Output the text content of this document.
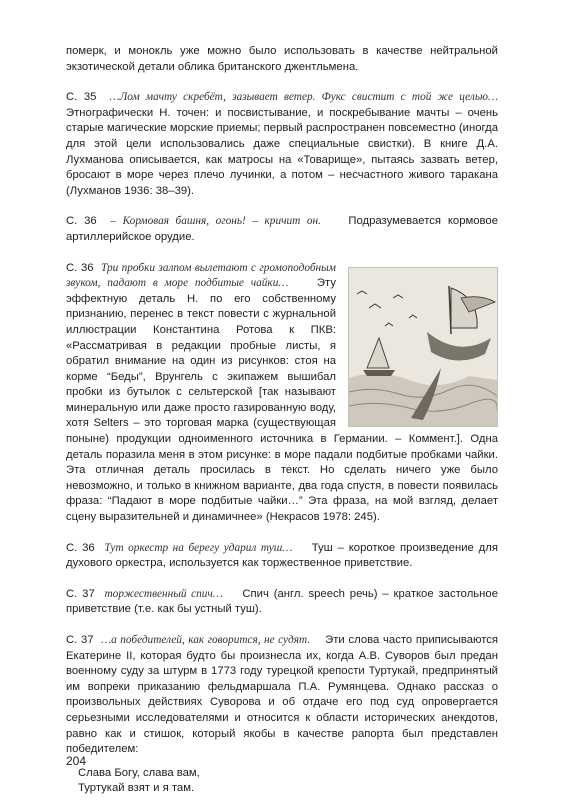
померк, и монокль уже можно было использовать в качестве нейтральной экзотической детали облика британского джентльмена.

С. 35 …Лом мачту скребёт, зазывает ветер. Фукс свистит с той же целью… Этнографически Н. точен: и посвистывание, и поскребывание мачты – очень старые магические морские приемы; первый распространен повсеместно (иногда для этой цели использовались даже специальные свистки). В книге Д.А. Лухманова описывается, как матросы на «Товарище», пытаясь зазвать ветер, бросают в море через плечо лучинки, а потом – несчастного живого таракана (Лухманов 1936: 38–39).

С. 36 – Кормовая башня, огонь! – кричит он. Подразумевается кормовое артиллерийское орудие.

С. 36 Три пробки залпом вылетают с громоподобным звуком, падают в море подбитые чайки…	Эту эффектную деталь Н. по его собственному признанию, перенес в текст повести с журнальной иллюстрации Константина Ротова к ПКВ: «Рассматривая в редакции пробные листы, я обратил внимание на один из рисунков: стоя на корме “Беды”, Врунгель с экипажем вышибал пробки из бутылок с сельтерской [так называют минеральную или даже просто газированную воду, хотя Selters – это торговая марка (существующая поныне) продукции одноименного источника в Германии. – Коммент.]. Одна деталь поразила меня в этом рисунке: в море падали подбитые пробками чайки. Эта отличная деталь просилась в текст. Но сделать ничего уже было невозможно, и только в книжном варианте, два года спустя, в повести появилась фраза: “Падают в море подбитые чайки…” Эта фраза, на мой взгляд, делает сцену выразительней и динамичнее» (Некрасов 1978: 245).

С. 36 Тут оркестр на берегу ударил туш… Туш – короткое произведение для духового оркестра, используется как торжественное приветствие.

С. 37 торжественный спич… Спич (англ. speech речь) – краткое застольное приветствие (т.е. как бы устный туш).

С. 37 …а победителей, как говорится, не судят. Эти слова часто приписываются Екатерине II, которая будто бы произнесла их, когда А.В. Суворов был предан военному суду за штурм в 1773 году турецкой крепости Туртукай, предпринятый им вопреки приказанию фельдмаршала П.А. Румянцева. Однако рассказ о произвольных действиях Суворова и об отдаче его под суд опровергается серьезными исследователями и относится к области исторических анекдотов, равно как и стишок, который якобы в качестве рапорта был представлен победителем:

Слава Богу, слава вам,
Туртукай взят и я там.
204
